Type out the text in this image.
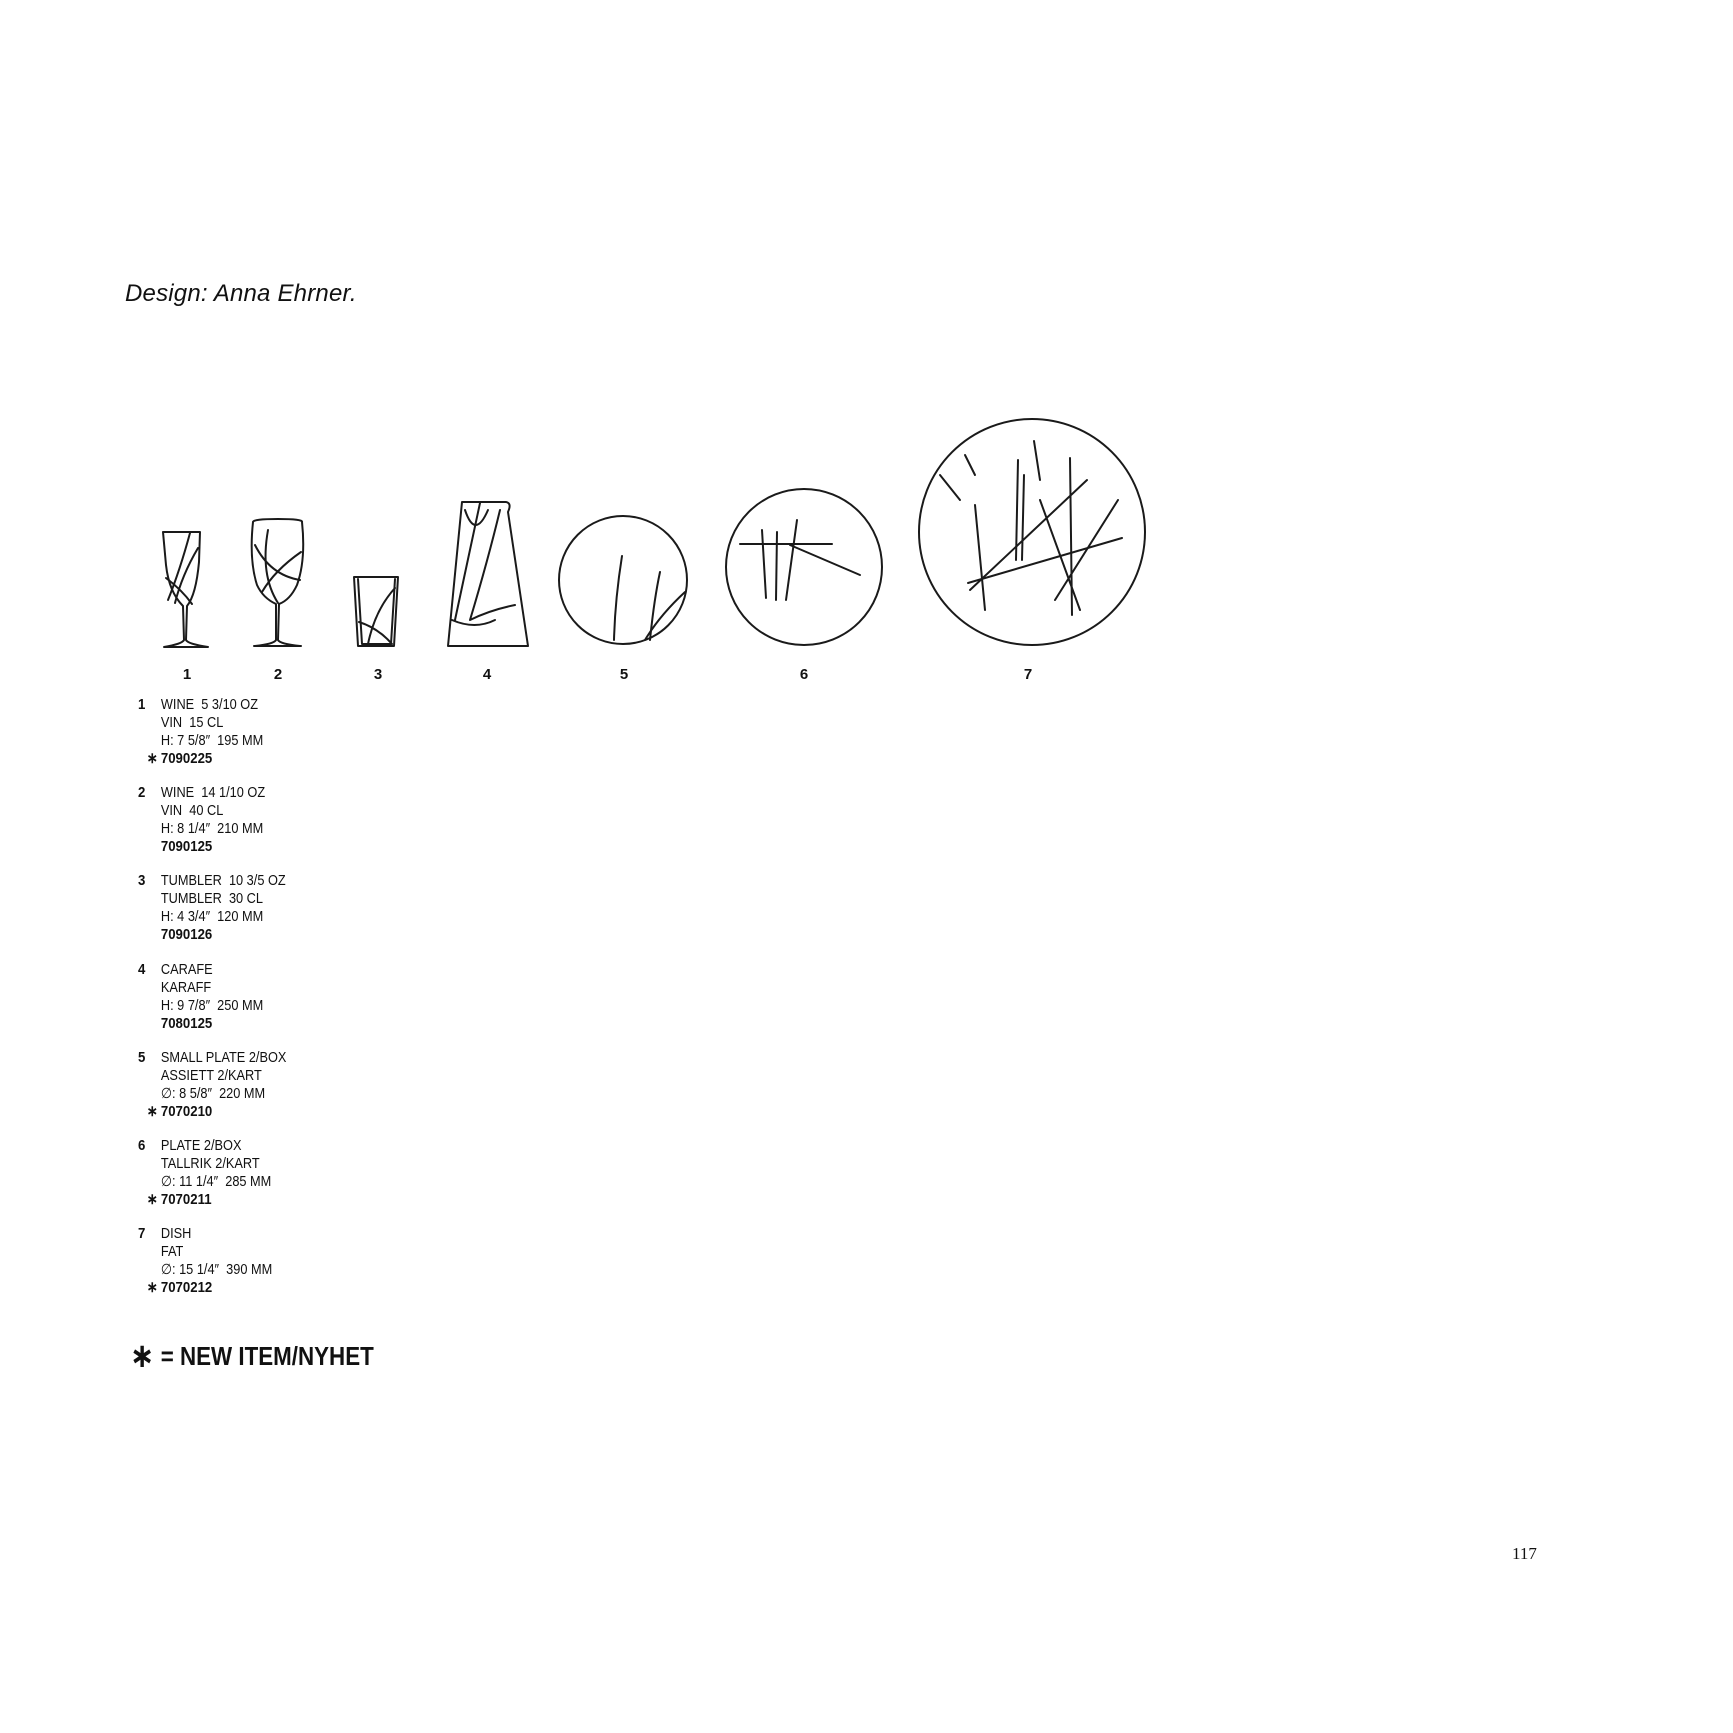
Design: Anna Ehrner.
1	2	3	4	5	6	7
1 WINE  5 3/10 OZ
VIN  15 CL
H: 7 5/8″  195 MM
∗ 7090225
2 WINE  14 1/10 OZ
VIN  40 CL
H: 8 1/4″  210 MM
7090125
3 TUMBLER  10 3/5 OZ
TUMBLER  30 CL
H: 4 3/4″  120 MM
7090126
4 CARAFE
KARAFF
H: 9 7/8″  250 MM
7080125
5 SMALL PLATE 2/BOX
ASSIETT 2/KART
∅: 8 5/8″  220 MM
∗ 7070210
6 PLATE 2/BOX
TALLRIK 2/KART
∅: 11 1/4″  285 MM
∗ 7070211
7 DISH
FAT
∅: 15 1/4″  390 MM
∗ 7070212
∗ = NEW ITEM/NYHET
117
